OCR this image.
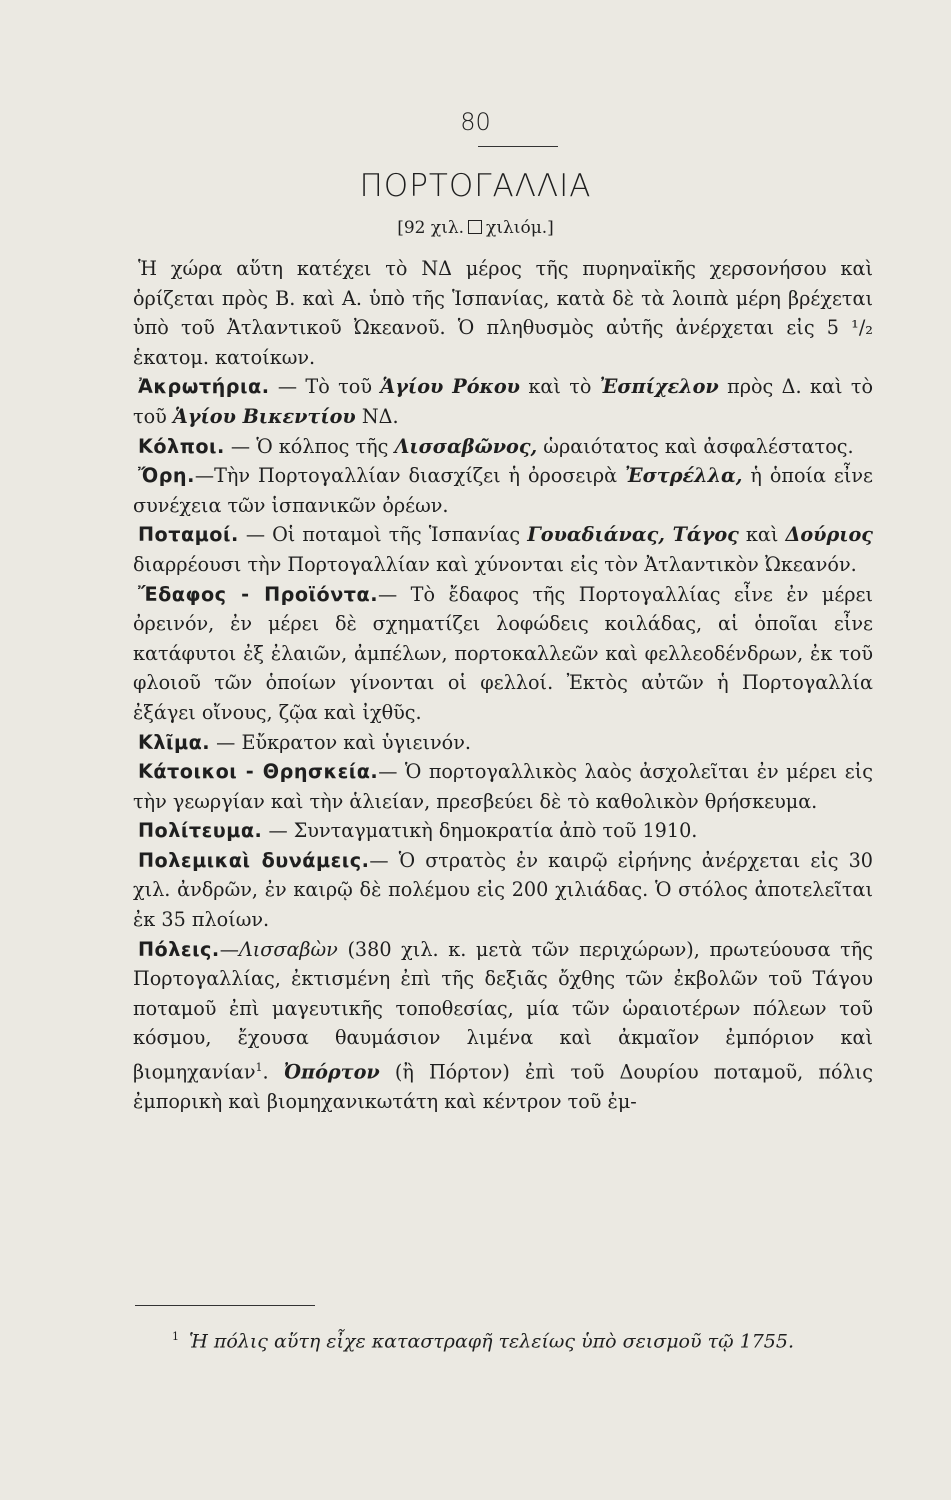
80
ΠΟΡΤΟΓΑΛΛΙΑ
[92 χιλ. χιλιόμ.]

Ἡ χώρα αὕτη κατέχει τὸ ΝΔ μέρος τῆς πυρηναϊκῆς χερσονήσου καὶ ὁρίζεται πρὸς Β. καὶ Α. ὑπὸ τῆς Ἱσπανίας, κατὰ δὲ τὰ λοιπὰ μέρη βρέχεται ὑπὸ τοῦ Ἀτλαντικοῦ Ὠκεανοῦ. Ὁ πληθυσμὸς αὐτῆς ἀνέρχεται εἰς 5 ¹/₂ ἑκατομ. κατοίκων.

Ἀκρωτήρια. — Τὸ τοῦ Ἁγίου Ρόκου καὶ τὸ Ἐσπίχελον πρὸς Δ. καὶ τὸ τοῦ Ἁγίου Βικεντίου ΝΔ.

Κόλποι. — Ὁ κόλπος τῆς Λισσαβῶνος, ὡραιότατος καὶ ἀσφαλέστατος.

Ὄρη.—Τὴν Πορτογαλλίαν διασχίζει ἡ ὀροσειρὰ Ἐστρέλλα, ἡ ὁποία εἶνε συνέχεια τῶν ἱσπανικῶν ὀρέων.

Ποταμοί. — Οἱ ποταμοὶ τῆς Ἱσπανίας Γουαδιάνας, Τάγος καὶ Δούριος διαρρέουσι τὴν Πορτογαλλίαν καὶ χύνονται εἰς τὸν Ἀτλαντικὸν Ὠκεανόν.

Ἔδαφος - Προϊόντα.— Τὸ ἔδαφος τῆς Πορτογαλλίας εἶνε ἐν μέρει ὀρεινόν, ἐν μέρει δὲ σχηματίζει λοφώδεις κοιλάδας, αἱ ὁποῖαι εἶνε κατάφυτοι ἐξ ἐλαιῶν, ἀμπέλων, πορτοκαλλεῶν καὶ φελλεοδένδρων, ἐκ τοῦ φλοιοῦ τῶν ὁποίων γίνονται οἱ φελλοί. Ἐκτὸς αὐτῶν ἡ Πορτογαλλία ἐξάγει οἴνους, ζῷα καὶ ἰχθῦς.

Κλῖμα. — Εὔκρατον καὶ ὑγιεινόν.

Κάτοικοι - Θρησκεία.— Ὁ πορτογαλλικὸς λαὸς ἀσχολεῖται ἐν μέρει εἰς τὴν γεωργίαν καὶ τὴν ἁλιείαν, πρεσβεύει δὲ τὸ καθολικὸν θρήσκευμα.

Πολίτευμα. — Συνταγματικὴ δημοκρατία ἀπὸ τοῦ 1910.

Πολεμικαὶ δυνάμεις.— Ὁ στρατὸς ἐν καιρῷ εἰρήνης ἀνέρχεται εἰς 30 χιλ. ἀνδρῶν, ἐν καιρῷ δὲ πολέμου εἰς 200 χιλιάδας. Ὁ στόλος ἀποτελεῖται ἐκ 35 πλοίων.

Πόλεις.—Λισσαβὼν (380 χιλ. κ. μετὰ τῶν περιχώρων), πρωτεύουσα τῆς Πορτογαλλίας, ἐκτισμένη ἐπὶ τῆς δεξιᾶς ὄχθης τῶν ἐκβολῶν τοῦ Τάγου ποταμοῦ ἐπὶ μαγευτικῆς τοποθεσίας, μία τῶν ὡραιοτέρων πόλεων τοῦ κόσμου, ἔχουσα θαυμάσιον λιμένα καὶ ἀκμαῖον ἐμπόριον καὶ βιομηχανίαν$^1$. Ὀπόρτον (ἢ Πόρτον) ἐπὶ τοῦ Δουρίου ποταμοῦ, πόλις ἐμπορικὴ καὶ βιομηχανικωτάτη καὶ κέντρον τοῦ ἐμ-

$^1$ Ἡ πόλις αὕτη εἶχε καταστραφῆ τελείως ὑπὸ σεισμοῦ τῷ 1755.
